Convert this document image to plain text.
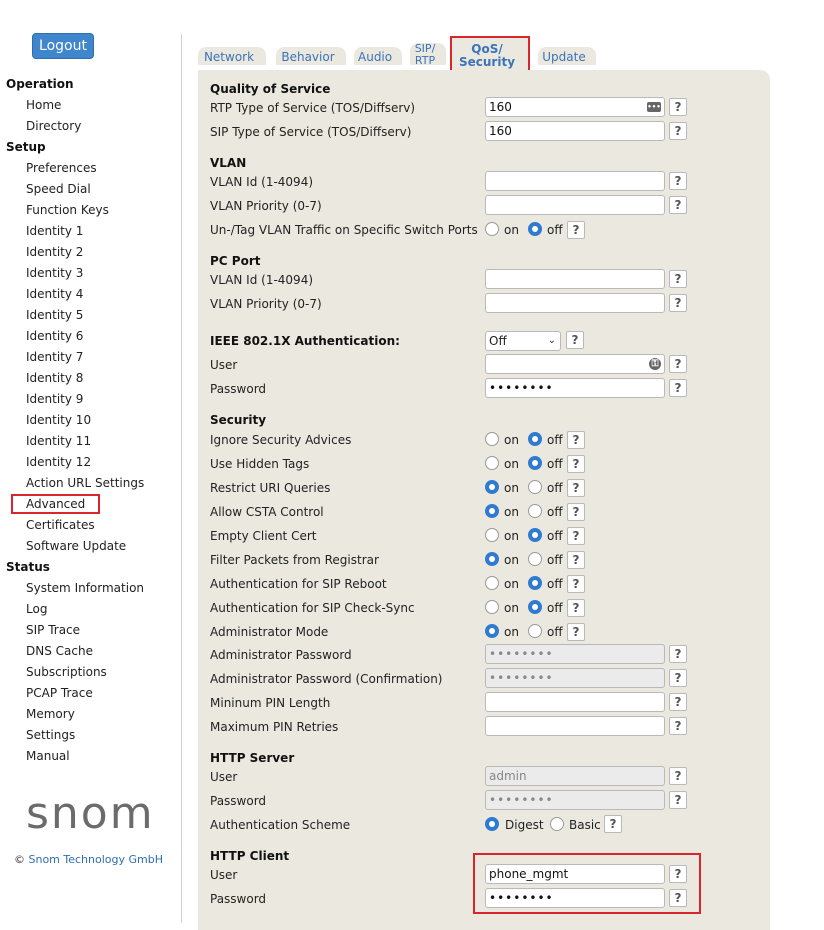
Logout
Operation
Home
Directory
Setup
Preferences
Speed Dial
Function Keys
Identity 1
Identity 2
Identity 3
Identity 4
Identity 5
Identity 6
Identity 7
Identity 8
Identity 9
Identity 10
Identity 11
Identity 12
Action URL Settings
Advanced
Certificates
Software Update
Status
System Information
Log
SIP Trace
DNS Cache
Subscriptions
PCAP Trace
Memory
Settings
Manual
snom
© Snom Technology GmbH
Network	Behavior	Audio
SIP/
RTP
QoS/
Security	Update
Quality of Service
RTP Type of Service (TOS/Diffserv)	160	•••	?
SIP Type of Service (TOS/Diffserv)	160	?
VLAN
VLAN Id (1-4094)	?
VLAN Priority (0-7)	?
Un-/Tag VLAN Traffic on Specific Switch Ports on off ?
PC Port
VLAN Id (1-4094)	?
VLAN Priority (0-7)	?
IEEE 802.1X Authentication:	Off	⌄	?
User	⚿	?
Password	••••••••	?
Security
Ignore Security Advices	on off ?
Use Hidden Tags	on off ?
Restrict URI Queries	on off ?
Allow CSTA Control	on off ?
Empty Client Cert	on off ?
Filter Packets from Registrar	on off ?
Authentication for SIP Reboot	on off ?
Authentication for SIP Check-Sync	on off ?
Administrator Mode	on off ?
Administrator Password	••••••••	?
Administrator Password (Confirmation)	••••••••	?
Mininum PIN Length	?
Maximum PIN Retries	?
HTTP Server
User	admin	?
Password	••••••••	?
Authentication Scheme	Digest Basic ?
HTTP Client
User	phone_mgmt	?
Password	••••••••	?
